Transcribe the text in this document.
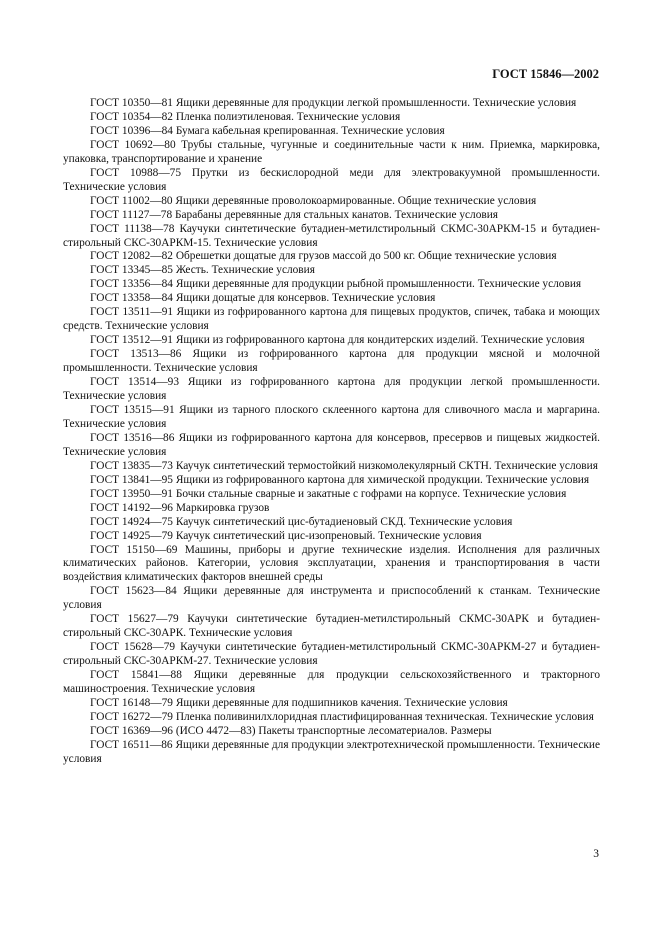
ГОСТ 15846—2002

ГОСТ 10350—81 Ящики деревянные для продукции легкой промышленности. Технические условия

ГОСТ 10354—82 Пленка полиэтиленовая. Технические условия

ГОСТ 10396—84 Бумага кабельная крепированная. Технические условия

ГОСТ 10692—80 Трубы стальные, чугунные и соединительные части к ним. Приемка, маркировка, упаковка, транспортирование и хранение

ГОСТ 10988—75 Прутки из бескислородной меди для электровакуумной промышленности. Технические условия

ГОСТ 11002—80 Ящики деревянные проволокоармированные. Общие технические условия

ГОСТ 11127—78 Барабаны деревянные для стальных канатов. Технические условия

ГОСТ 11138—78 Каучуки синтетические бутадиен-метилстирольный СКМС-30АРКМ-15 и бутадиен-стирольный СКС-30АРКМ-15. Технические условия

ГОСТ 12082—82 Обрешетки дощатые для грузов массой до 500 кг. Общие технические условия

ГОСТ 13345—85 Жесть. Технические условия

ГОСТ 13356—84 Ящики деревянные для продукции рыбной промышленности. Технические условия

ГОСТ 13358—84 Ящики дощатые для консервов. Технические условия

ГОСТ 13511—91 Ящики из гофрированного картона для пищевых продуктов, спичек, табака и моющих средств. Технические условия

ГОСТ 13512—91 Ящики из гофрированного картона для кондитерских изделий. Технические условия

ГОСТ 13513—86 Ящики из гофрированного картона для продукции мясной и молочной промышленности. Технические условия

ГОСТ 13514—93 Ящики из гофрированного картона для продукции легкой промышленности. Технические условия

ГОСТ 13515—91 Ящики из тарного плоского склеенного картона для сливочного масла и маргарина. Технические условия

ГОСТ 13516—86 Ящики из гофрированного картона для консервов, пресервов и пищевых жидкостей. Технические условия

ГОСТ 13835—73 Каучук синтетический термостойкий низкомолекулярный СКТН. Технические условия

ГОСТ 13841—95 Ящики из гофрированного картона для химической продукции. Технические условия

ГОСТ 13950—91 Бочки стальные сварные и закатные с гофрами на корпусе. Технические условия

ГОСТ 14192—96 Маркировка грузов

ГОСТ 14924—75 Каучук синтетический цис-бутадиеновый СКД. Технические условия

ГОСТ 14925—79 Каучук синтетический цис-изопреновый. Технические условия

ГОСТ 15150—69 Машины, приборы и другие технические изделия. Исполнения для различных климатических районов. Категории, условия эксплуатации, хранения и транспортирования в части воздействия климатических факторов внешней среды

ГОСТ 15623—84 Ящики деревянные для инструмента и приспособлений к станкам. Технические условия

ГОСТ 15627—79 Каучуки синтетические бутадиен-метилстирольный СКМС-30АРК и бутадиен-стирольный СКС-30АРК. Технические условия

ГОСТ 15628—79 Каучуки синтетические бутадиен-метилстирольный СКМС-30АРКМ-27 и бутадиен-стирольный СКС-30АРКМ-27. Технические условия

ГОСТ 15841—88 Ящики деревянные для продукции сельскохозяйственного и тракторного машиностроения. Технические условия

ГОСТ 16148—79 Ящики деревянные для подшипников качения. Технические условия

ГОСТ 16272—79 Пленка поливинилхлоридная пластифицированная техническая. Технические условия

ГОСТ 16369—96 (ИСО 4472—83) Пакеты транспортные лесоматериалов. Размеры

ГОСТ 16511—86 Ящики деревянные для продукции электротехнической промышленности. Технические условия

3
